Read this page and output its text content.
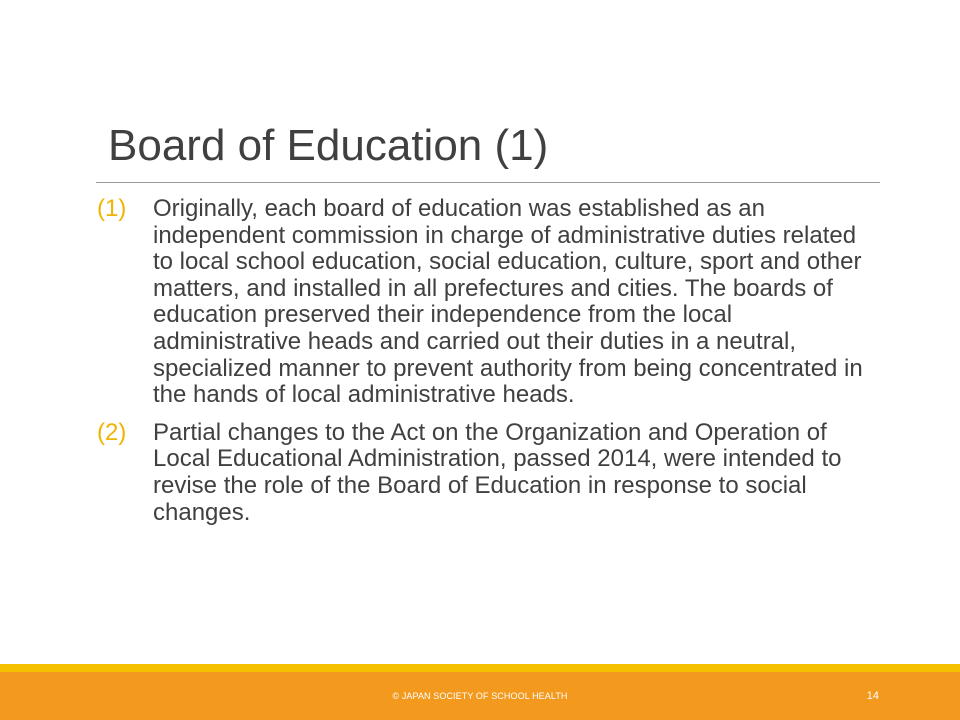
Board of Education (1)
(1) Originally, each board of education was established as an independent commission in charge of administrative duties related to local school education, social education, culture, sport and other matters, and installed in all prefectures and cities. The boards of education preserved their independence from the local administrative heads and carried out their duties in a neutral, specialized manner to prevent authority from being concentrated in the hands of local administrative heads.
(2) Partial changes to the Act on the Organization and Operation of Local Educational Administration, passed 2014, were intended to revise the role of the Board of Education in response to social changes.
© JAPAN SOCIETY OF SCHOOL HEALTH	14
